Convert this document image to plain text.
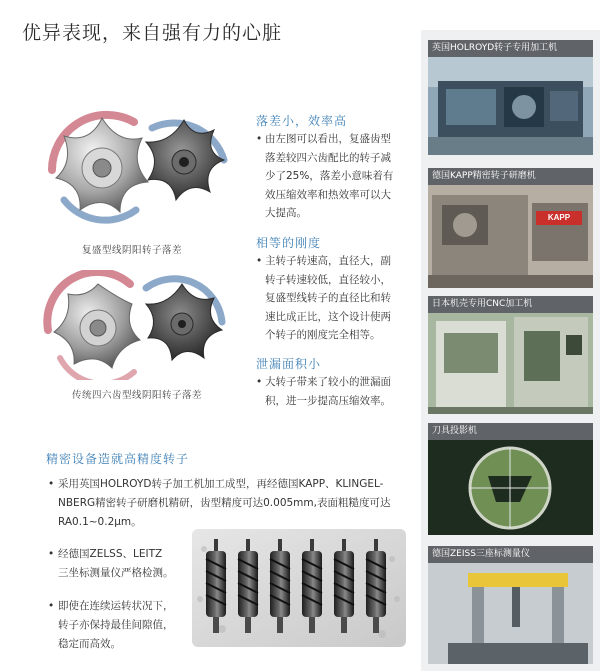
优异表现，来自强有力的心脏
复盛型线阴阳转子落差
传统四六齿型线阴阳转子落差
落差小，效率高
• 由左图可以看出，复盛齿型
落差较四六齿配比的转子减
少了25%，落差小意味着有
效压缩效率和热效率可以大
大提高。
相等的刚度
• 主转子转速高，直径大，副
转子转速较低，直径较小，
复盛型线转子的直径比和转
速比成正比，这个设计使两
个转子的刚度完全相等。
泄漏面积小
• 大转子带来了较小的泄漏面
积，进一步提高压缩效率。
精密设备造就高精度转子
• 采用英国HOLROYD转子加工机加工成型，再经德国KAPP、KLINGEL-
NBERG精密转子研磨机精研，齿型精度可达0.005mm,表面粗糙度可达
RA0.1~0.2μm。
• 经德国ZELSS、LEITZ
三坐标测量仪严格检测。
• 即使在连续运转状况下，
转子亦保持最佳间隙值，
稳定而高效。
英国HOLROYD转子专用加工机
德国KAPP精密转子研磨机
KAPP
日本机壳专用CNC加工机
刀具投影机
德国ZEISS三座标测量仪
